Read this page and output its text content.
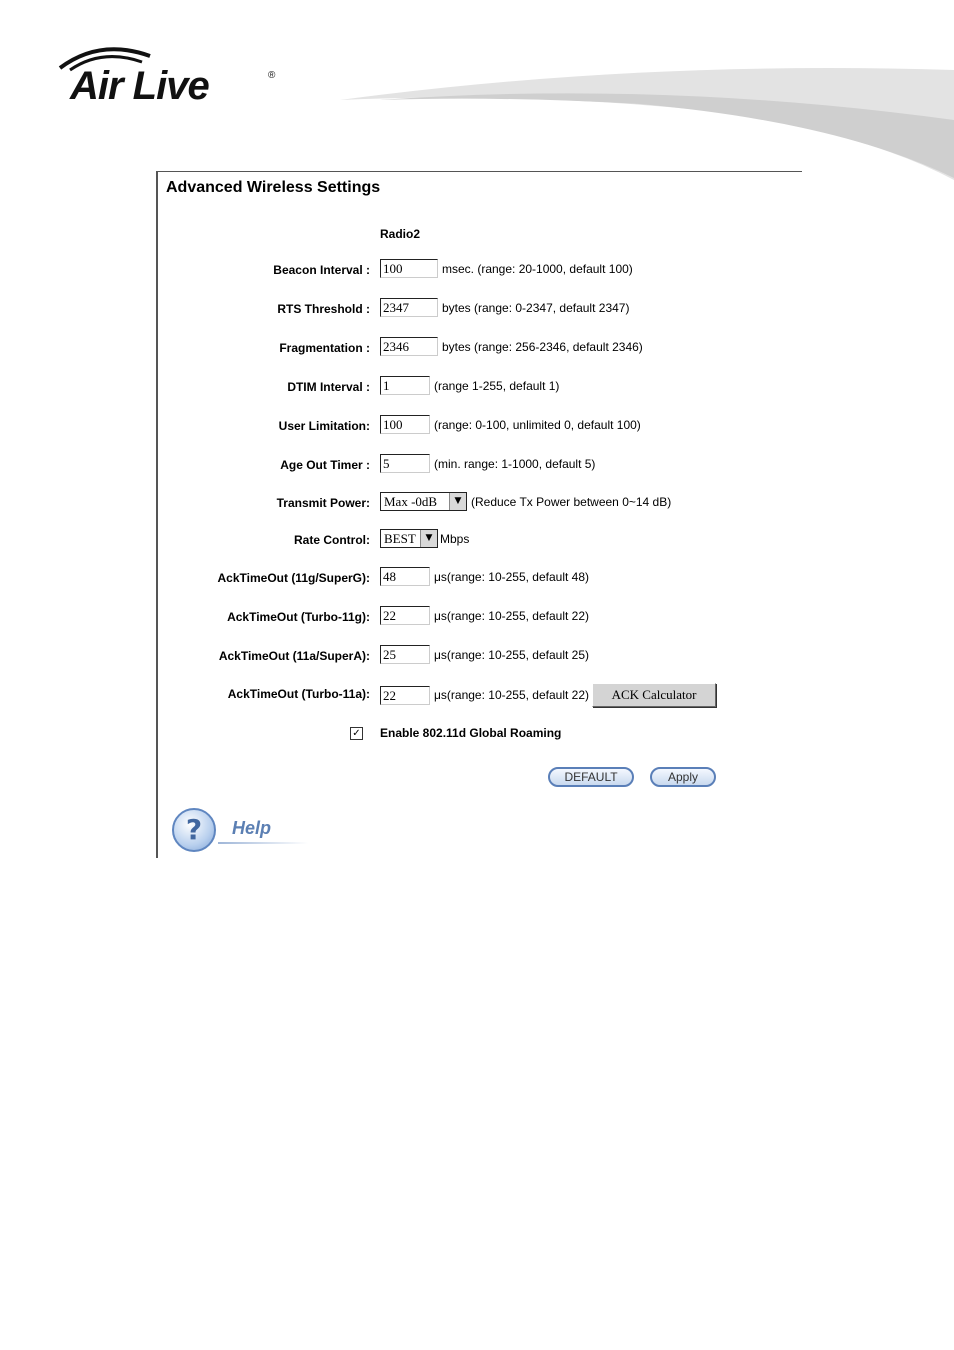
Air Live	®
Advanced Wireless Settings
Radio2
Beacon Interval : 100	msec. (range: 20-1000, default 100)
RTS Threshold : 2347	bytes (range: 0-2347, default 2347)
Fragmentation : 2346	bytes (range: 256-2346, default 2346)
DTIM Interval : 1	(range 1-255, default 1)
User Limitation: 100	(range: 0-100, unlimited 0, default 100)
Age Out Timer : 5	(min. range: 1-1000, default 5)
Transmit Power:	Max -0dB	▼ (Reduce Tx Power between 0~14 dB)
Rate Control:	BEST	▼ Mbps
AckTimeOut (11g/SuperG): 48	μs(range: 10-255, default 48)
AckTimeOut (Turbo-11g): 22	μs(range: 10-255, default 22)
AckTimeOut (11a/SuperA): 25	μs(range: 10-255, default 25)
AckTimeOut (Turbo-11a): 22	μs(range: 10-255, default 22) ACK Calculator
✓ Enable 802.11d Global Roaming
DEFAULT	Apply
?	Help
